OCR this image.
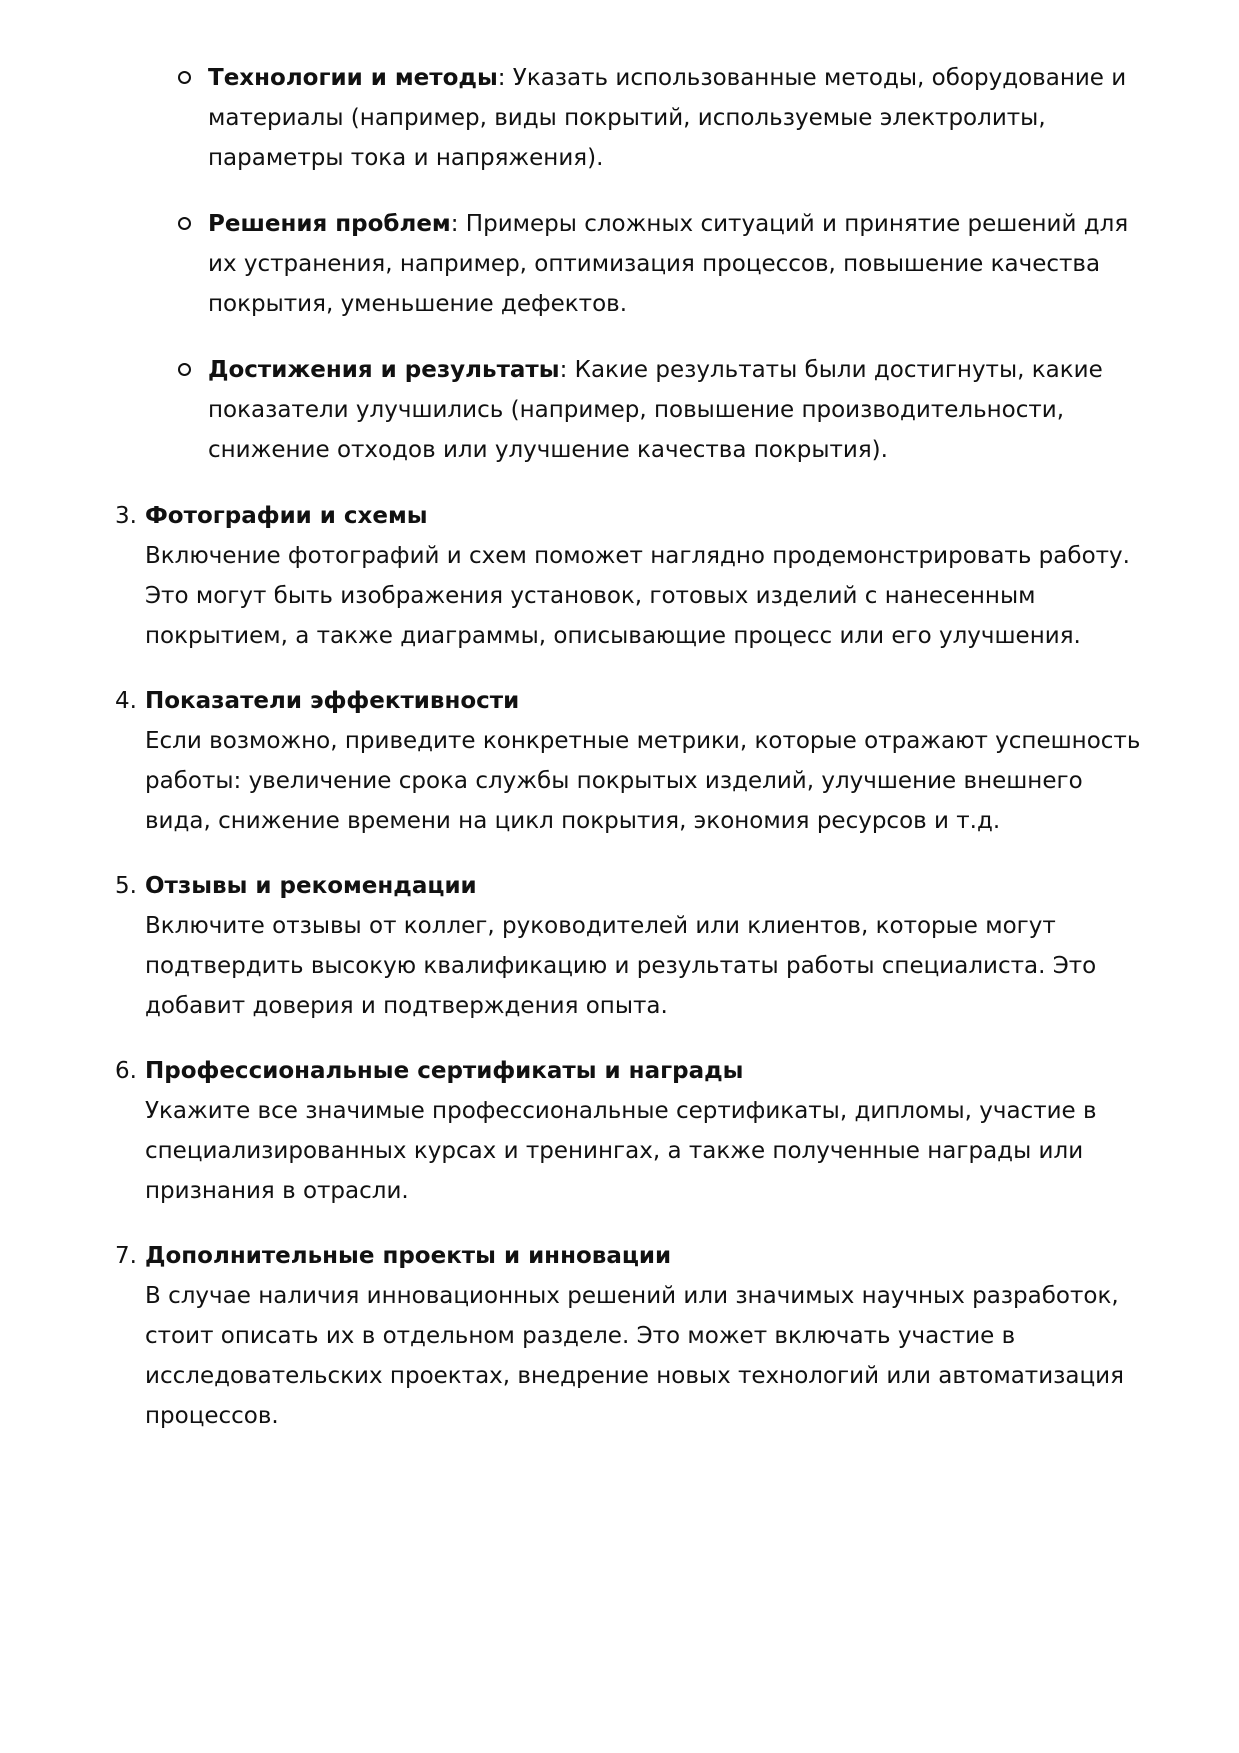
Технологии и методы: Указать использованные методы, оборудование и материалы (например, виды покрытий, используемые электролиты, параметры тока и напряжения).
Решения проблем: Примеры сложных ситуаций и принятие решений для их устранения, например, оптимизация процессов, повышение качества покрытия, уменьшение дефектов.
Достижения и результаты: Какие результаты были достигнуты, какие показатели улучшились (например, повышение производительности, снижение отходов или улучшение качества покрытия).
3. Фотографии и схемы
Включение фотографий и схем поможет наглядно продемонстрировать работу. Это могут быть изображения установок, готовых изделий с нанесенным покрытием, а также диаграммы, описывающие процесс или его улучшения.
4. Показатели эффективности
Если возможно, приведите конкретные метрики, которые отражают успешность работы: увеличение срока службы покрытых изделий, улучшение внешнего вида, снижение времени на цикл покрытия, экономия ресурсов и т.д.
5. Отзывы и рекомендации
Включите отзывы от коллег, руководителей или клиентов, которые могут подтвердить высокую квалификацию и результаты работы специалиста. Это добавит доверия и подтверждения опыта.
6. Профессиональные сертификаты и награды
Укажите все значимые профессиональные сертификаты, дипломы, участие в специализированных курсах и тренингах, а также полученные награды или признания в отрасли.
7. Дополнительные проекты и инновации
В случае наличия инновационных решений или значимых научных разработок, стоит описать их в отдельном разделе. Это может включать участие в исследовательских проектах, внедрение новых технологий или автоматизация процессов.
